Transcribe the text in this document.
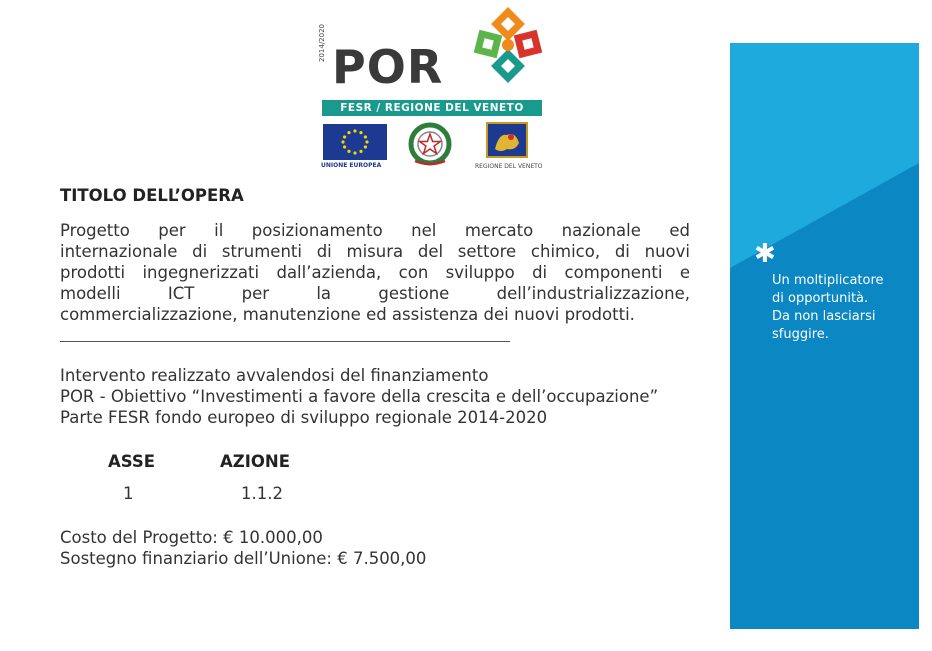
2014/2020 POR
FESR / REGIONE DEL VENETO
UNIONE EUROPEA	REGIONE DEL VENETO
TITOLO DELL’OPERA
Progetto per il posizionamento nel mercato nazionale ed
internazionale di strumenti di misura del settore chimico, di nuovi
prodotti ingegnerizzati dall’azienda, con sviluppo di componenti e
modelli ICT per la gestione dell’industrializzazione,
commercializzazione, manutenzione ed assistenza dei nuovi prodotti.
Intervento realizzato avvalendosi del finanziamento
POR - Obiettivo “Investimenti a favore della crescita e dell’occupazione”
Parte FESR fondo europeo di sviluppo regionale 2014-2020
ASSE	AZIONE
1	1.1.2
Costo del Progetto: € 10.000,00
Sostegno finanziario dell’Unione: € 7.500,00
✱
Un moltiplicatore
di opportunità.
Da non lasciarsi
sfuggire.
